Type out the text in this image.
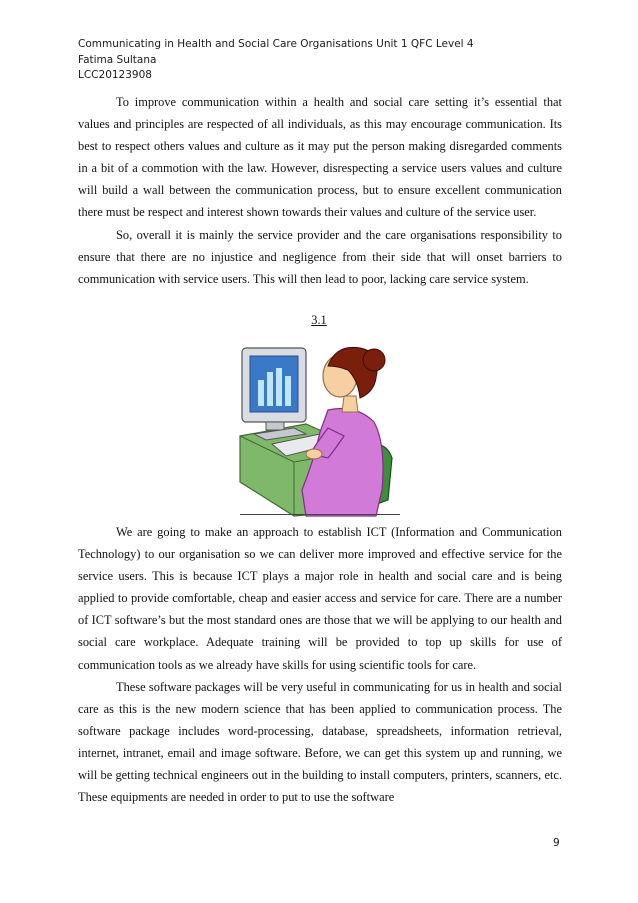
Communicating in Health and Social Care Organisations Unit 1 QFC Level 4
Fatima Sultana
LCC20123908

To improve communication within a health and social care setting it’s essential that values and principles are respected of all individuals, as this may encourage communication. Its best to respect others values and culture as it may put the person making disregarded comments in a bit of a commotion with the law. However, disrespecting a service users values and culture will build a wall between the communication process, but to ensure excellent communication there must be respect and interest shown towards their values and culture of the service user.

So, overall it is mainly the service provider and the care organisations responsibility to ensure that there are no injustice and negligence from their side that will onset barriers to communication with service users. This will then lead to poor, lacking care service system.

3.1

We are going to make an approach to establish ICT (Information and Communication Technology) to our organisation so we can deliver more improved and effective service for the service users. This is because ICT plays a major role in health and social care and is being applied to provide comfortable, cheap and easier access and service for care. There are a number of ICT software’s but the most standard ones are those that we will be applying to our health and social care workplace. Adequate training will be provided to top up skills for use of communication tools as we already have skills for using scientific tools for care.

These software packages will be very useful in communicating for us in health and social care as this is the new modern science that has been applied to communication process. The software package includes word-processing, database, spreadsheets, information retrieval, internet, intranet, email and image software. Before, we can get this system up and running, we will be getting technical engineers out in the building to install computers, printers, scanners, etc. These equipments are needed in order to put to use the software

9
